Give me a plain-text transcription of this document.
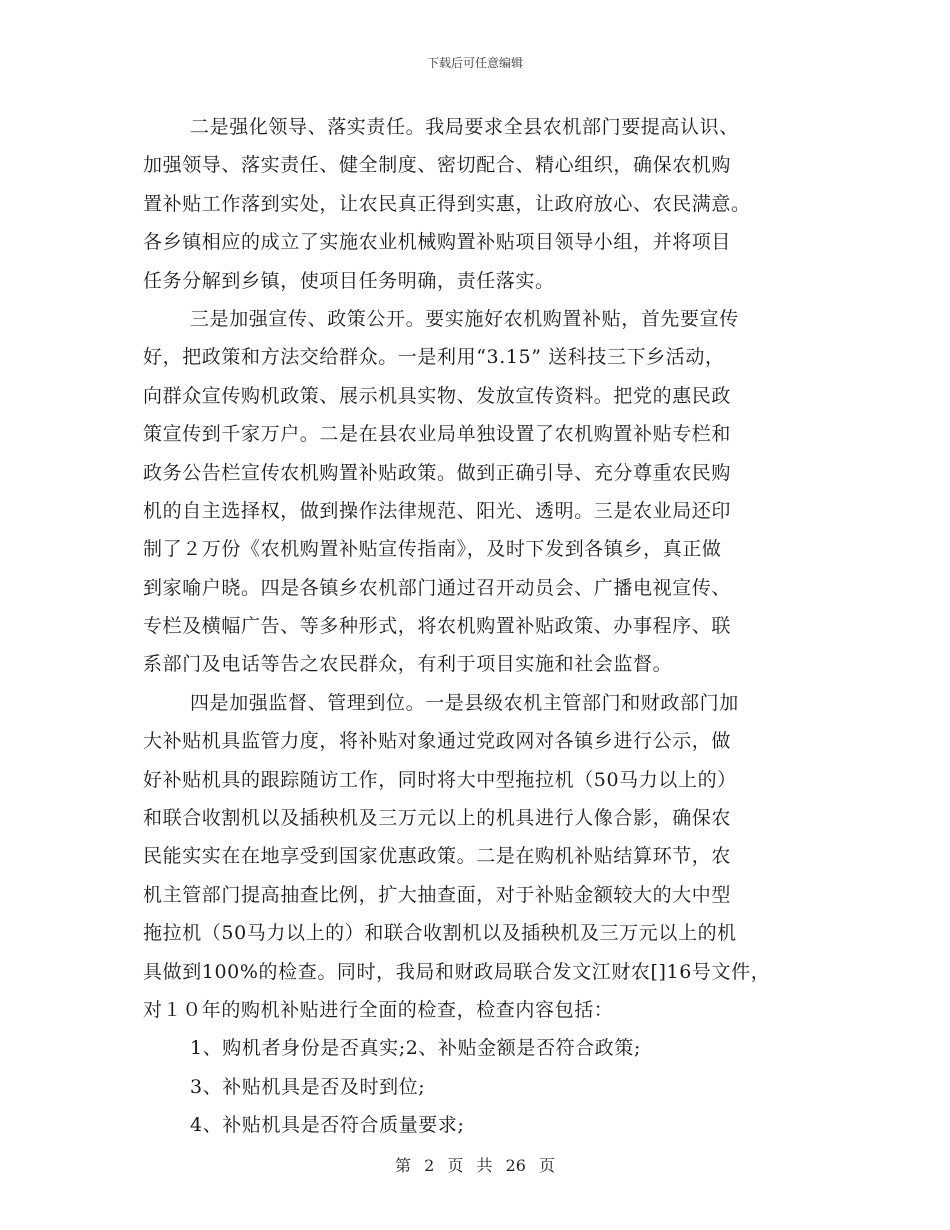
下载后可任意编辑
二是强化领导、落实责任。我局要求全县农机部门要提高认识、
加强领导、落实责任、健全制度、密切配合、精心组织，确保农机购
置补贴工作落到实处，让农民真正得到实惠，让政府放心、农民满意。
各乡镇相应的成立了实施农业机械购置补贴项目领导小组，并将项目
任务分解到乡镇，使项目任务明确，责任落实。
三是加强宣传、政策公开。要实施好农机购置补贴，首先要宣传
好，把政策和方法交给群众。一是利用“3.15” 送科技三下乡活动，
向群众宣传购机政策、展示机具实物、发放宣传资料。把党的惠民政
策宣传到千家万户。二是在县农业局单独设置了农机购置补贴专栏和
政务公告栏宣传农机购置补贴政策。做到正确引导、充分尊重农民购
机的自主选择权，做到操作法律规范、阳光、透明。三是农业局还印
制了２万份《农机购置补贴宣传指南》，及时下发到各镇乡，真正做
到家喻户晓。四是各镇乡农机部门通过召开动员会、广播电视宣传、
专栏及横幅广告、等多种形式，将农机购置补贴政策、办事程序、联
系部门及电话等告之农民群众，有利于项目实施和社会监督。
四是加强监督、管理到位。一是县级农机主管部门和财政部门加
大补贴机具监管力度，将补贴对象通过党政网对各镇乡进行公示，做
好补贴机具的跟踪随访工作，同时将大中型拖拉机（50马力以上的）
和联合收割机以及插秧机及三万元以上的机具进行人像合影，确保农
民能实实在在地享受到国家优惠政策。二是在购机补贴结算环节，农
机主管部门提高抽查比例，扩大抽查面，对于补贴金额较大的大中型
拖拉机（50马力以上的）和联合收割机以及插秧机及三万元以上的机
具做到100%的检查。同时，我局和财政局联合发文江财农[]16号文件，
对１０年的购机补贴进行全面的检查，检查内容包括：
1、购机者身份是否真实;2、补贴金额是否符合政策;
3、补贴机具是否及时到位;
4、补贴机具是否符合质量要求;
第 2 页 共 26 页
